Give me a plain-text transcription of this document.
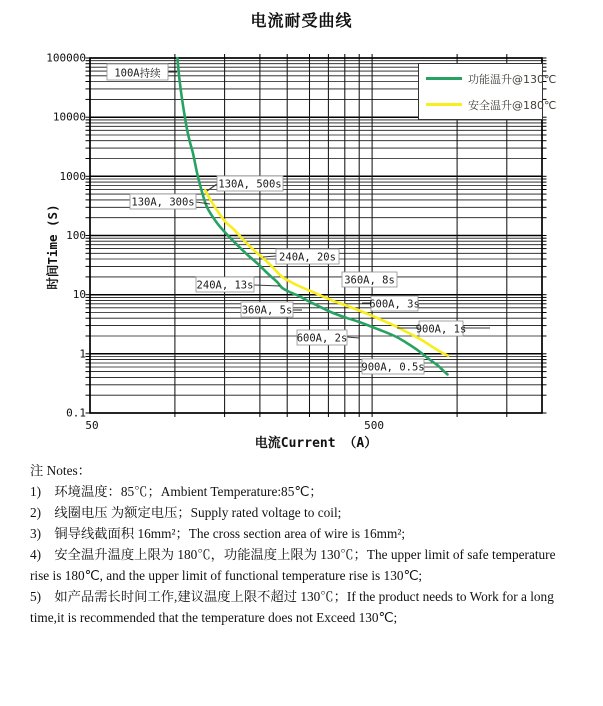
电流耐受曲线
100A持续
130A, 500s
130A, 300s
240A, 20s
240A, 13s	360A, 8s
600A, 3s
360A, 5s
900A, 1s
600A, 2s
900A, 0.5s
100000
10000
1000
100
10
1
0.1
50	500
时间Time (S)
电流Current （A）
功能温升@130℃
安全温升@180℃
注 Notes：
1)    环境温度：85℃；Ambient Temperature:85℃；
2)    线圈电压 为额定电压；Supply rated voltage to coil;
3)    铜导线截面积 16mm²；The cross section area of wire is 16mm²;
4)    安全温升温度上限为 180℃，功能温度上限为 130℃；The upper limit of safe temperature
rise is 180℃, and the upper limit of functional temperature rise is 130℃;
5)    如产品需长时间工作,建议温度上限不超过 130℃；If the product needs to Work for a long
time,it is recommended that the temperature does not Exceed 130℃;
